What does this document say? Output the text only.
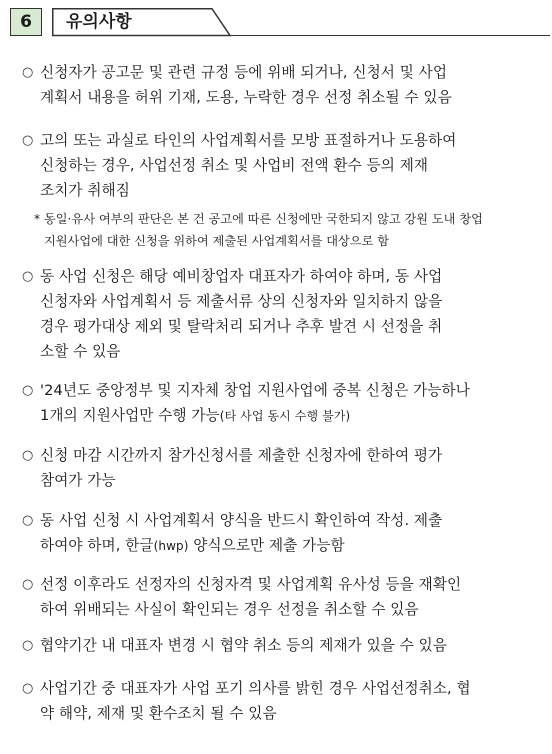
6	유의사항
○ 신청자가 공고문 및 관련 규정 등에 위배 되거나, 신청서 및 사업
계획서 내용을 허위 기재, 도용, 누락한 경우 선정 취소될 수 있음
○ 고의 또는 과실로 타인의 사업계획서를 모방 표절하거나 도용하여
신청하는 경우, 사업선정 취소 및 사업비 전액 환수 등의 제재
조치가 취해짐
* 동일·유사 여부의 판단은 본 건 공고에 따른 신청에만 국한되지 않고 강원 도내 창업
지원사업에 대한 신청을 위하여 제출된 사업계획서를 대상으로 함
○ 동 사업 신청은 해당 예비창업자 대표자가 하여야 하며, 동 사업
신청자와 사업계획서 등 제출서류 상의 신청자와 일치하지 않을
경우 평가대상 제외 및 탈락처리 되거나 추후 발견 시 선정을 취
소할 수 있음
○ '24년도 중앙정부 및 지자체 창업 지원사업에 중복 신청은 가능하나
1개의 지원사업만 수행 가능(타 사업 동시 수행 불가)
○ 신청 마감 시간까지 참가신청서를 제출한 신청자에 한하여 평가
참여가 가능
○ 동 사업 신청 시 사업계획서 양식을 반드시 확인하여 작성. 제출
하여야 하며, 한글(hwp) 양식으로만 제출 가능함
○ 선정 이후라도 선정자의 신청자격 및 사업계획 유사성 등을 재확인
하여 위배되는 사실이 확인되는 경우 선정을 취소할 수 있음
○ 협약기간 내 대표자 변경 시 협약 취소 등의 제재가 있을 수 있음
○ 사업기간 중 대표자가 사업 포기 의사를 밝힌 경우 사업선정취소, 협
약 해약, 제재 및 환수조치 될 수 있음
